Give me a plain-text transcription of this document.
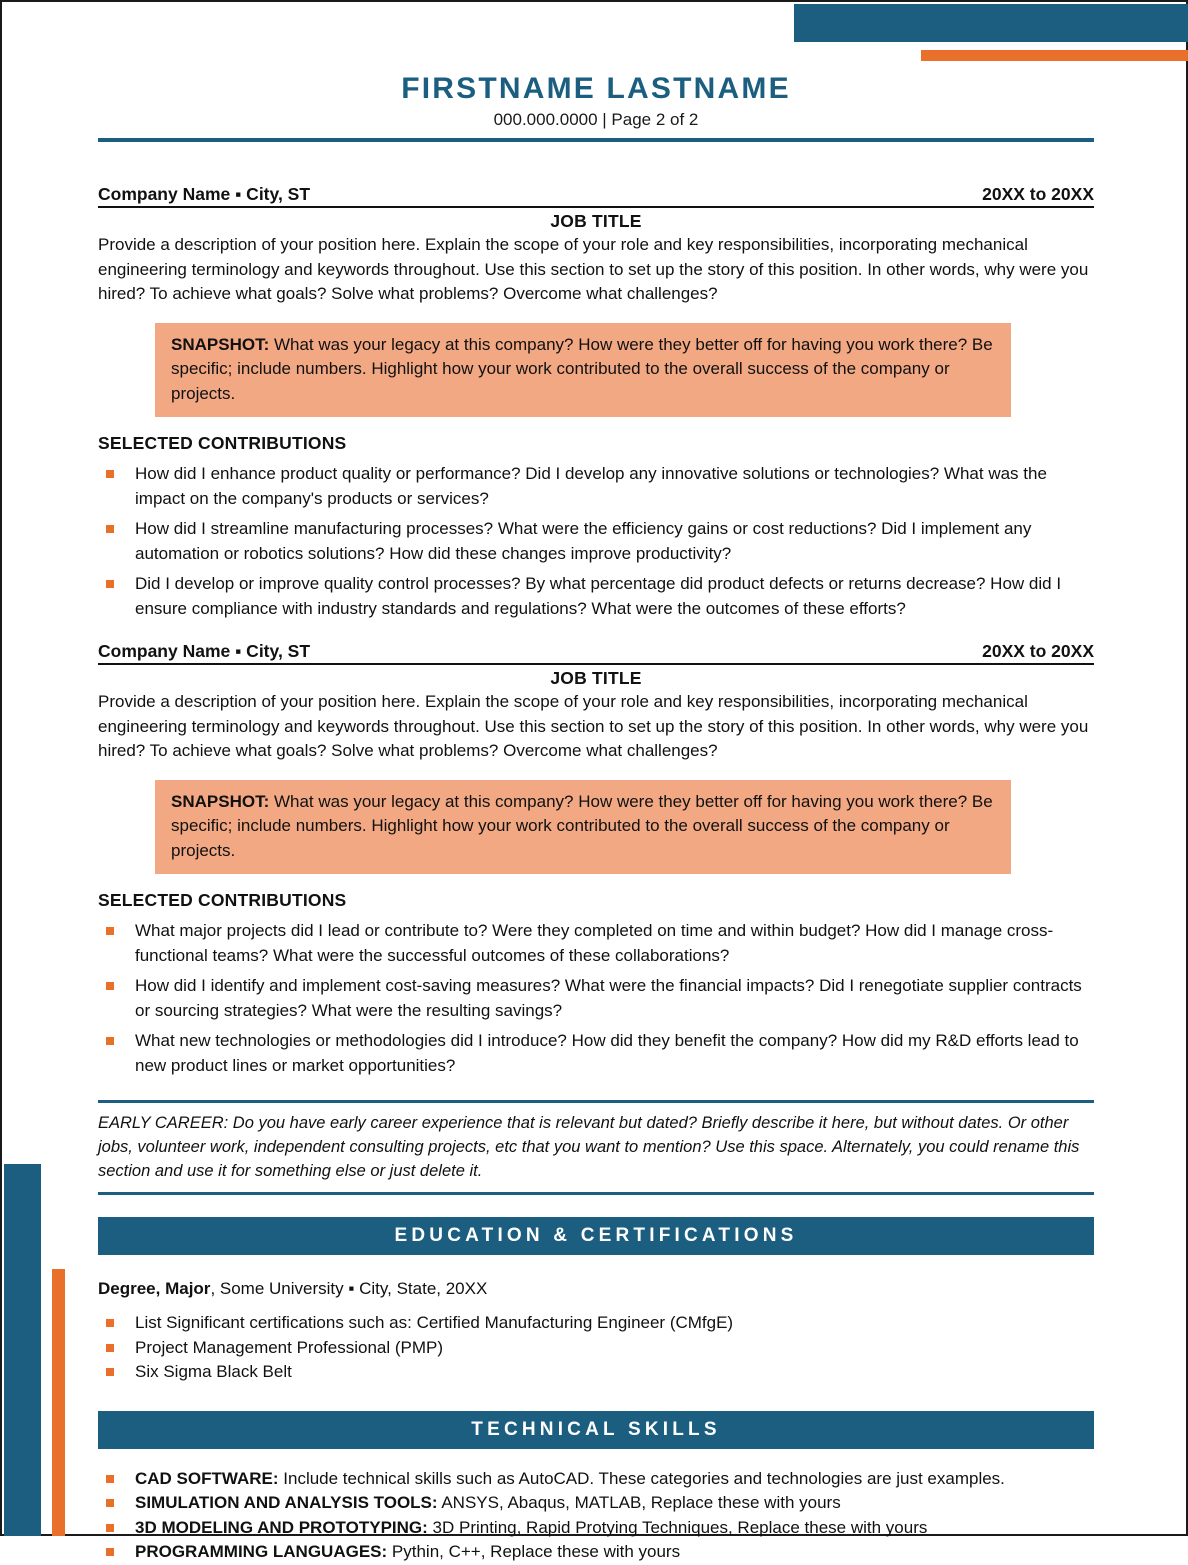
FIRSTNAME LASTNAME
000.000.0000 | Page 2 of 2
Company Name ▪ City, ST	20XX to 20XX
JOB TITLE
Provide a description of your position here. Explain the scope of your role and key responsibilities, incorporating mechanical engineering terminology and keywords throughout. Use this section to set up the story of this position. In other words, why were you hired? To achieve what goals? Solve what problems? Overcome what challenges?
SNAPSHOT: What was your legacy at this company? How were they better off for having you work there? Be specific; include numbers. Highlight how your work contributed to the overall success of the company or projects.
SELECTED CONTRIBUTIONS
How did I enhance product quality or performance? Did I develop any innovative solutions or technologies? What was the impact on the company's products or services?
How did I streamline manufacturing processes? What were the efficiency gains or cost reductions? Did I implement any automation or robotics solutions? How did these changes improve productivity?
Did I develop or improve quality control processes? By what percentage did product defects or returns decrease? How did I ensure compliance with industry standards and regulations? What were the outcomes of these efforts?
Company Name ▪ City, ST	20XX to 20XX
JOB TITLE
Provide a description of your position here. Explain the scope of your role and key responsibilities, incorporating mechanical engineering terminology and keywords throughout. Use this section to set up the story of this position. In other words, why were you hired? To achieve what goals? Solve what problems? Overcome what challenges?
SNAPSHOT: What was your legacy at this company? How were they better off for having you work there? Be specific; include numbers. Highlight how your work contributed to the overall success of the company or projects.
SELECTED CONTRIBUTIONS
What major projects did I lead or contribute to? Were they completed on time and within budget? How did I manage cross-functional teams? What were the successful outcomes of these collaborations?
How did I identify and implement cost-saving measures? What were the financial impacts? Did I renegotiate supplier contracts or sourcing strategies? What were the resulting savings?
What new technologies or methodologies did I introduce? How did they benefit the company? How did my R&D efforts lead to new product lines or market opportunities?
EARLY CAREER: Do you have early career experience that is relevant but dated? Briefly describe it here, but without dates. Or other jobs, volunteer work, independent consulting projects, etc that you want to mention? Use this space. Alternately, you could rename this section and use it for something else or just delete it.
EDUCATION & CERTIFICATIONS
Degree, Major, Some University ▪ City, State, 20XX
List Significant certifications such as: Certified Manufacturing Engineer (CMfgE)
Project Management Professional (PMP)
Six Sigma Black Belt
TECHNICAL SKILLS
CAD SOFTWARE: Include technical skills such as AutoCAD. These categories and technologies are just examples.
SIMULATION AND ANALYSIS TOOLS: ANSYS, Abaqus, MATLAB, Replace these with yours
3D MODELING AND PROTOTYPING: 3D Printing, Rapid Protying Techniques, Replace these with yours
PROGRAMMING LANGUAGES: Pythin, C++, Replace these with yours
